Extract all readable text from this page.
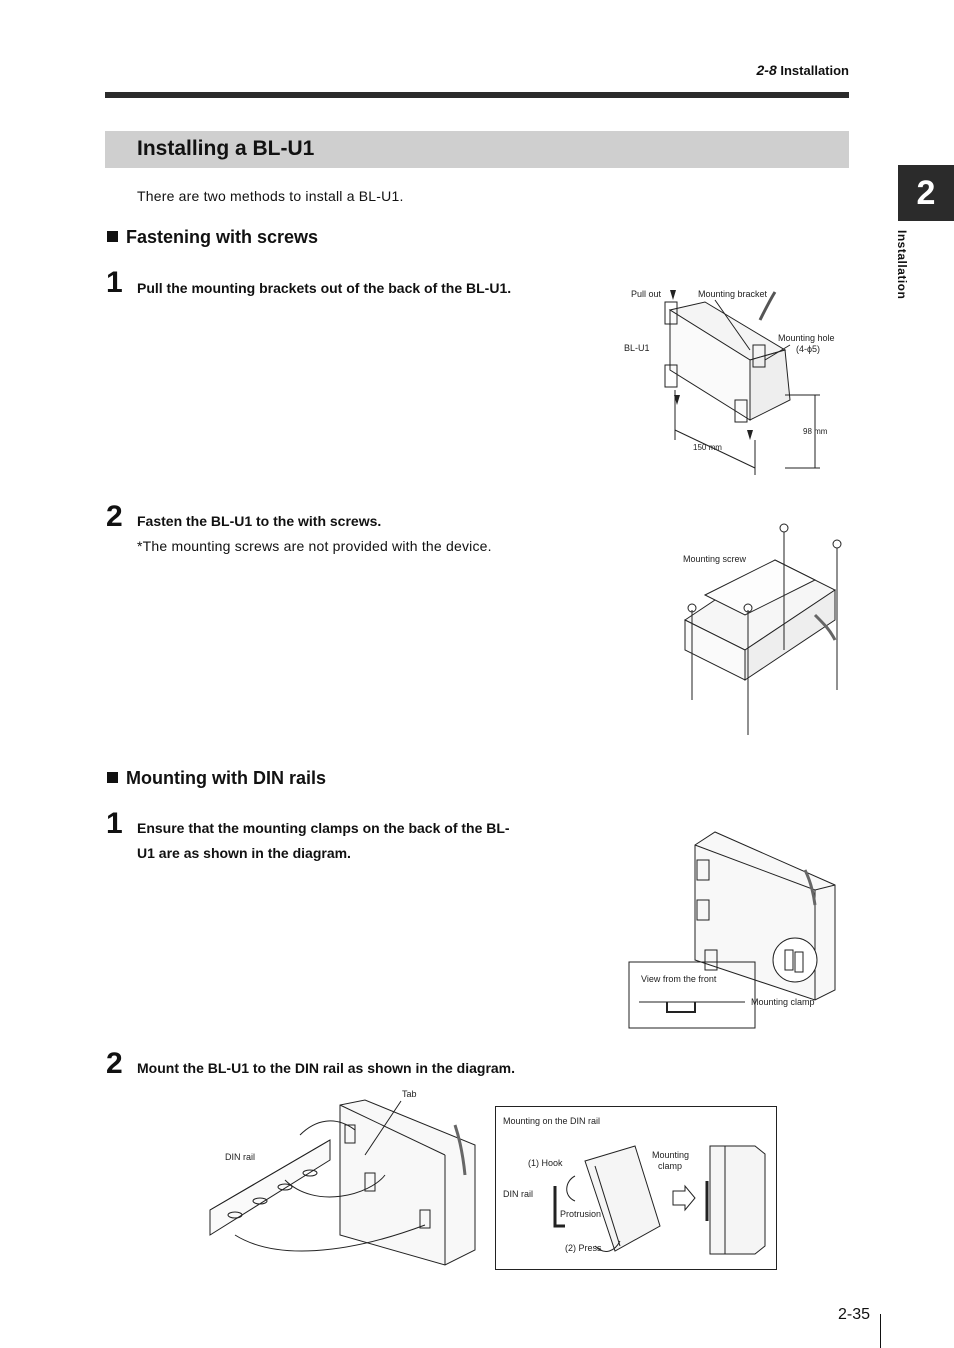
2-8 Installation
Installing a BL-U1
2
Installation
There are two methods to install a BL-U1.
Fastening with screws
1 Pull the mounting brackets out of the back of the BL-U1.
2 Fasten the BL-U1 to the with screws.
*The mounting screws are not provided with the device.
Mounting with DIN rails
1 Ensure that the mounting clamps on the back of the BL-
U1 are as shown in the diagram.
2 Mount the BL-U1 to the DIN rail as shown in the diagram.
Pull out	Mounting bracket
Mounting hole
(4-ϕ5)
BL-U1
98 mm
150 mm
Mounting screw
View from the front
Mounting clamp
Tab
DIN rail
Mounting on the DIN rail
(1) Hook
DIN rail
Protrusion
(2) Press
Mounting
clamp
2-35
